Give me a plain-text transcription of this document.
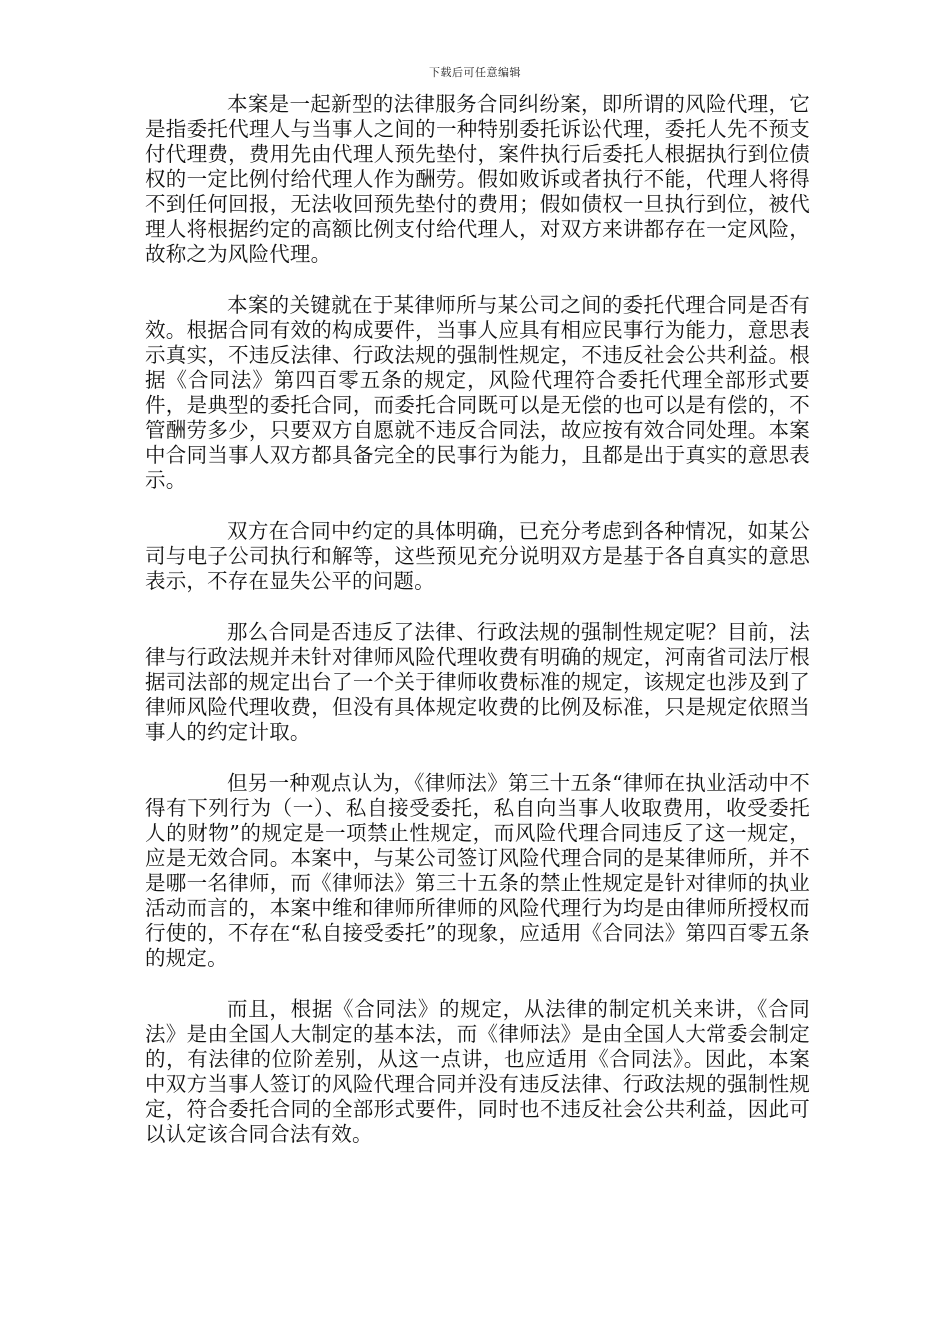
下载后可任意编辑

本案是一起新型的法律服务合同纠纷案，即所谓的风险代理，它是指委托代理人与当事人之间的一种特别委托诉讼代理，委托人先不预支付代理费，费用先由代理人预先垫付，案件执行后委托人根据执行到位债权的一定比例付给代理人作为酬劳。假如败诉或者执行不能，代理人将得不到任何回报，无法收回预先垫付的费用；假如债权一旦执行到位，被代理人将根据约定的高额比例支付给代理人，对双方来讲都存在一定风险，故称之为风险代理。

本案的关键就在于某律师所与某公司之间的委托代理合同是否有效。根据合同有效的构成要件，当事人应具有相应民事行为能力，意思表示真实，不违反法律、行政法规的强制性规定，不违反社会公共利益。根据《合同法》第四百零五条的规定，风险代理符合委托代理全部形式要件，是典型的委托合同，而委托合同既可以是无偿的也可以是有偿的，不管酬劳多少，只要双方自愿就不违反合同法，故应按有效合同处理。本案中合同当事人双方都具备完全的民事行为能力，且都是出于真实的意思表示。

双方在合同中约定的具体明确，已充分考虑到各种情况，如某公司与电子公司执行和解等，这些预见充分说明双方是基于各自真实的意思表示，不存在显失公平的问题。

那么合同是否违反了法律、行政法规的强制性规定呢？目前，法律与行政法规并未针对律师风险代理收费有明确的规定，河南省司法厅根据司法部的规定出台了一个关于律师收费标准的规定，该规定也涉及到了律师风险代理收费，但没有具体规定收费的比例及标准，只是规定依照当事人的约定计取。

但另一种观点认为，《律师法》第三十五条“律师在执业活动中不得有下列行为（一）、私自接受委托，私自向当事人收取费用，收受委托人的财物”的规定是一项禁止性规定，而风险代理合同违反了这一规定，应是无效合同。本案中，与某公司签订风险代理合同的是某律师所，并不是哪一名律师，而《律师法》第三十五条的禁止性规定是针对律师的执业活动而言的，本案中维和律师所律师的风险代理行为均是由律师所授权而行使的，不存在“私自接受委托”的现象，应适用《合同法》第四百零五条的规定。

而且，根据《合同法》的规定，从法律的制定机关来讲，《合同法》是由全国人大制定的基本法，而《律师法》是由全国人大常委会制定的，有法律的位阶差别，从这一点讲，也应适用《合同法》。因此，本案中双方当事人签订的风险代理合同并没有违反法律、行政法规的强制性规定，符合委托合同的全部形式要件，同时也不违反社会公共利益，因此可以认定该合同合法有效。
